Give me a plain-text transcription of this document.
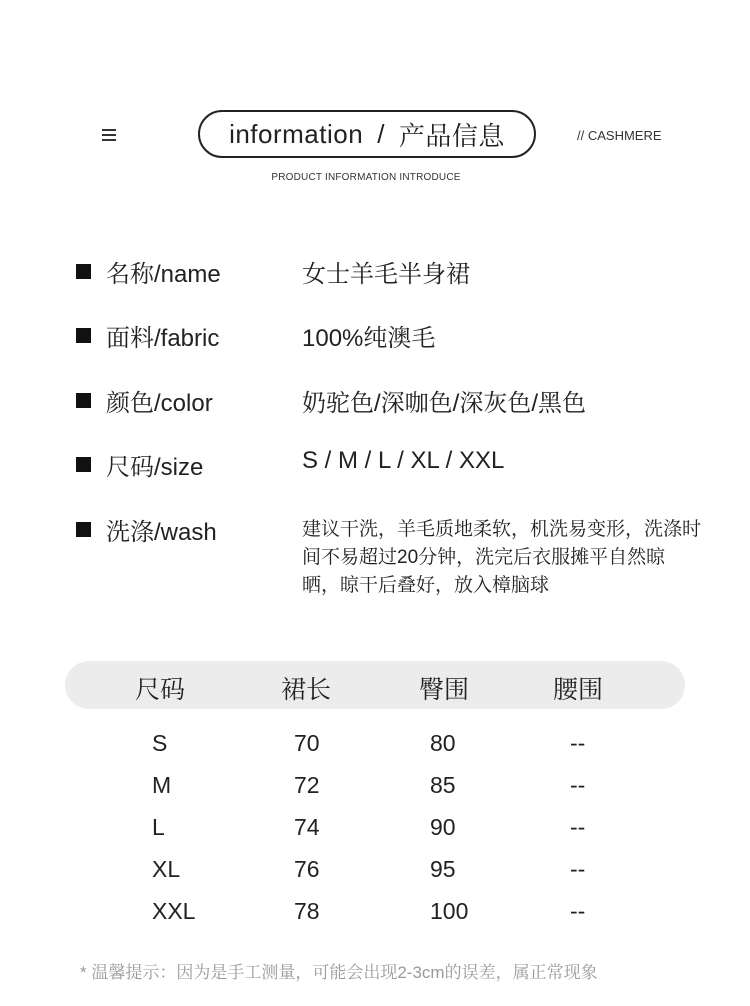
information / 产品信息	// CASHMERE
PRODUCT INFORMATION INTRODUCE
名称/name	女士羊毛半身裙
面料/fabric	100%纯澳毛
颜色/color	奶驼色/深咖色/深灰色/黑色
尺码/size	S / M / L / XL / XXL
洗涤/wash	建议干洗，羊毛质地柔软，机洗易变形，洗涤时间不易超过20分钟，洗完后衣服摊平自然晾晒，晾干后叠好，放入樟脑球
尺码	裙长	臀围	腰围
S	70	80	--
M	72	85	--
L	74	90	--
XL	76	95	--
XXL	78	100	--
* 温馨提示：因为是手工测量，可能会出现2-3cm的误差，属正常现象
